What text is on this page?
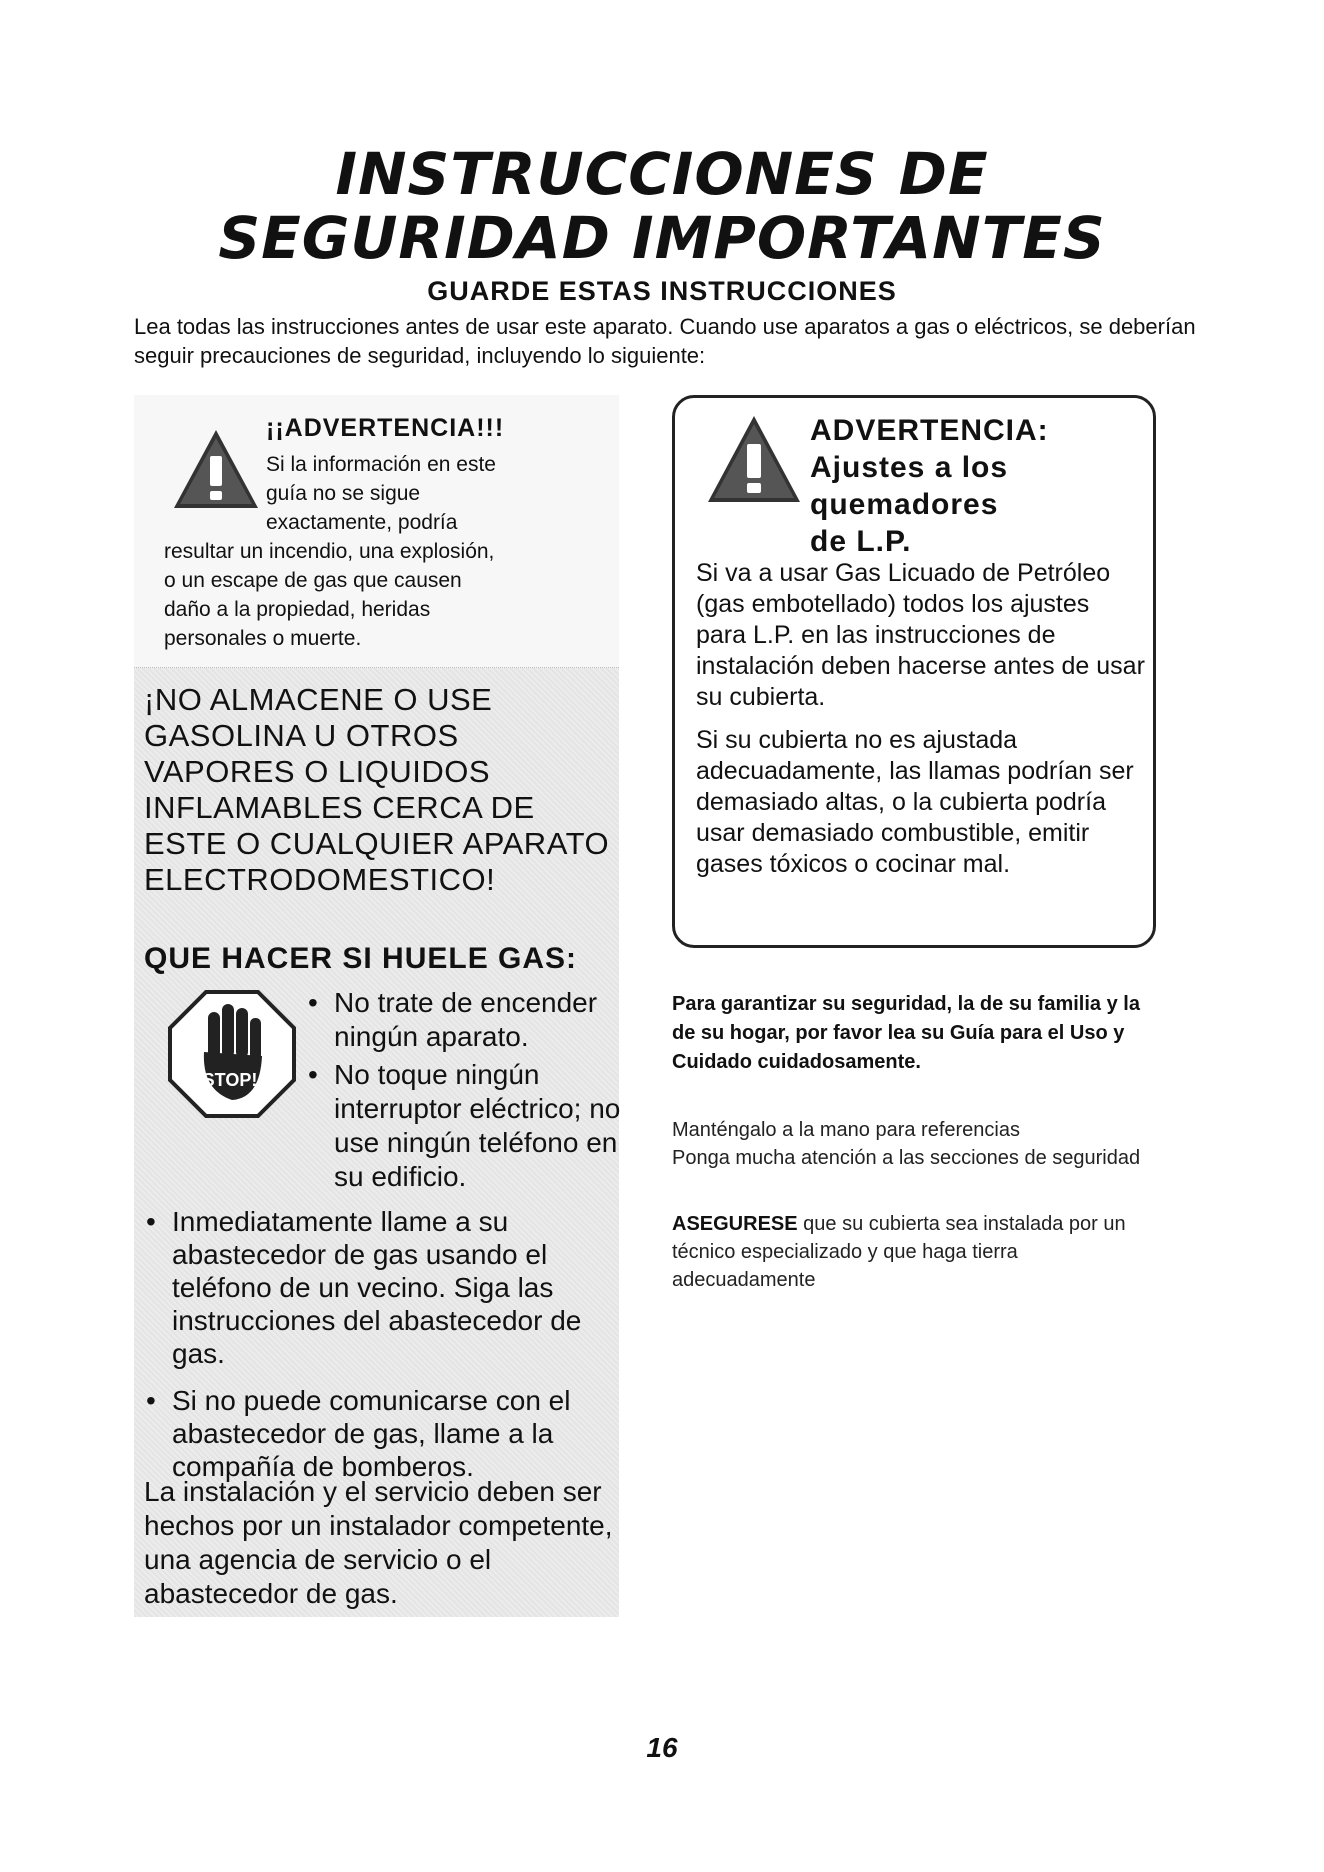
INSTRUCCIONES DE
SEGURIDAD IMPORTANTES
GUARDE ESTAS INSTRUCCIONES

Lea todas las instrucciones antes de usar este aparato. Cuando use aparatos a gas o eléctricos, se deberían seguir precauciones de seguridad, incluyendo lo siguiente:

¡¡ADVERTENCIA!!!
Si la información en este
guía no se sigue
exactamente, podría
resultar un incendio, una explosión,
o un escape de gas que causen
daño a la propiedad, heridas
personales o muerte.
¡NO ALMACENE O USE GASOLINA U OTROS VAPORES O LIQUIDOS INFLAMABLES CERCA DE ESTE O CUALQUIER APARATO ELECTRODOMESTICO!
QUE HACER SI HUELE GAS:
STOP!
• No trate de encender ningún aparato.
• No toque ningún interruptor eléctrico; no use ningún teléfono en su edificio.
• Inmediatamente llame a su abastecedor de gas usando el teléfono de un vecino. Siga las instrucciones del abastecedor de gas.
• Si no puede comunicarse con el abastecedor de gas, llame a la compañía de bomberos.
La instalación y el servicio deben ser hechos por un instalador competente, una agencia de servicio o el abastecedor de gas.
ADVERTENCIA:
Ajustes a los
quemadores
de L.P.

Si va a usar Gas Licuado de Petróleo (gas embotellado) todos los ajustes para L.P. en las instrucciones de instalación deben hacerse antes de usar su cubierta.

Si su cubierta no es ajustada adecuadamente, las llamas podrían ser demasiado altas, o la cubierta podría usar demasiado combustible, emitir gases tóxicos o cocinar mal.

Para garantizar su seguridad, la de su familia y la de su hogar, por favor lea su Guía para el Uso y Cuidado cuidadosamente.
Manténgalo a la mano para referencias
Ponga mucha atención a las secciones de seguridad
ASEGURESE que su cubierta sea instalada por un técnico especializado y que haga tierra adecuadamente
16
